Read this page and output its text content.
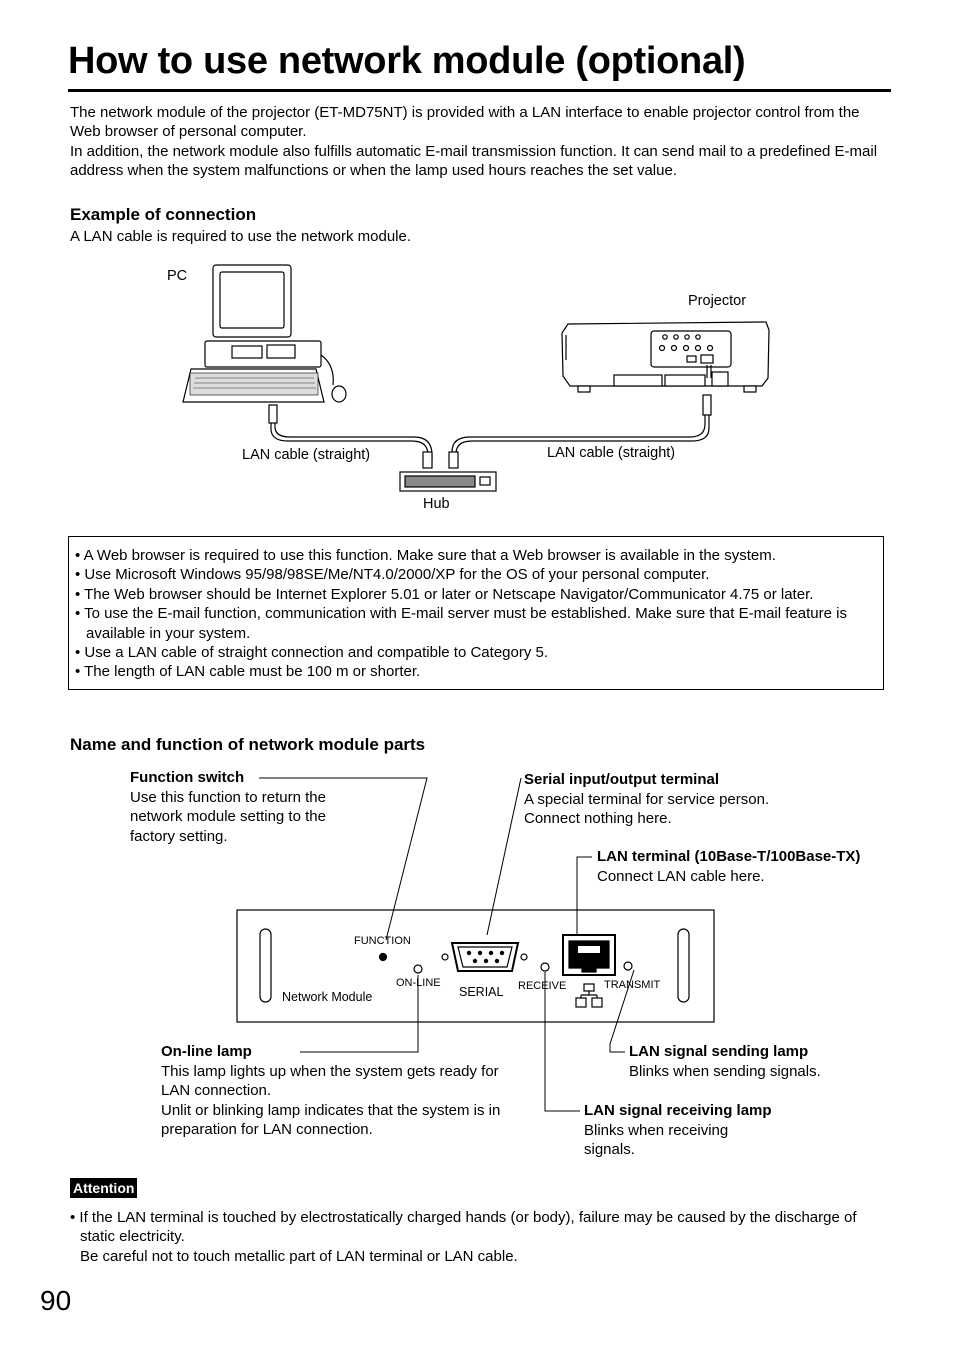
How to use network module (optional)

The network module of the projector (ET-MD75NT) is provided with a LAN interface to enable projector control from the Web browser of personal computer.

In addition, the network module also fulfills automatic E-mail transmission function. It can send mail to a predefined E-mail address when the system malfunctions or when the lamp used hours reaches the set value.

Example of connection
A LAN cable is required to use the network module.
PC
Projector
LAN cable (straight)	LAN cable (straight)
Hub
• A Web browser is required to use this function. Make sure that a Web browser is available in the system.
• Use Microsoft Windows 95/98/98SE/Me/NT4.0/2000/XP for the OS of your personal computer.
• The Web browser should be Internet Explorer 5.01 or later or Netscape Navigator/Communicator 4.75 or later.
• To use the E-mail function, communication with E-mail server must be established. Make sure that E-mail feature is available in your system.
• Use a LAN cable of straight connection and compatible to Category 5.
• The length of LAN cable must be 100 m or shorter.
Name and function of network module parts
Function switch

Use this function to return the network module setting to the factory setting.

Serial input/output terminal

A special terminal for service person.

Connect nothing here.

LAN terminal (10Base-T/100Base-TX)

Connect LAN cable here.

On-line lamp

This lamp lights up when the system gets ready for LAN connection.

Unlit or blinking lamp indicates that the system is in preparation for LAN connection.

LAN signal sending lamp

Blinks when sending signals.

LAN signal receiving lamp

Blinks when receiving signals.

FUNCTION
ON-LINE
SERIAL RECEIVE	TRANSMIT
Network Module
Attention

• If the LAN terminal is touched by electrostatically charged hands (or body), failure may be caused by the discharge of static electricity.

Be careful not to touch metallic part of LAN terminal or LAN cable.

90
